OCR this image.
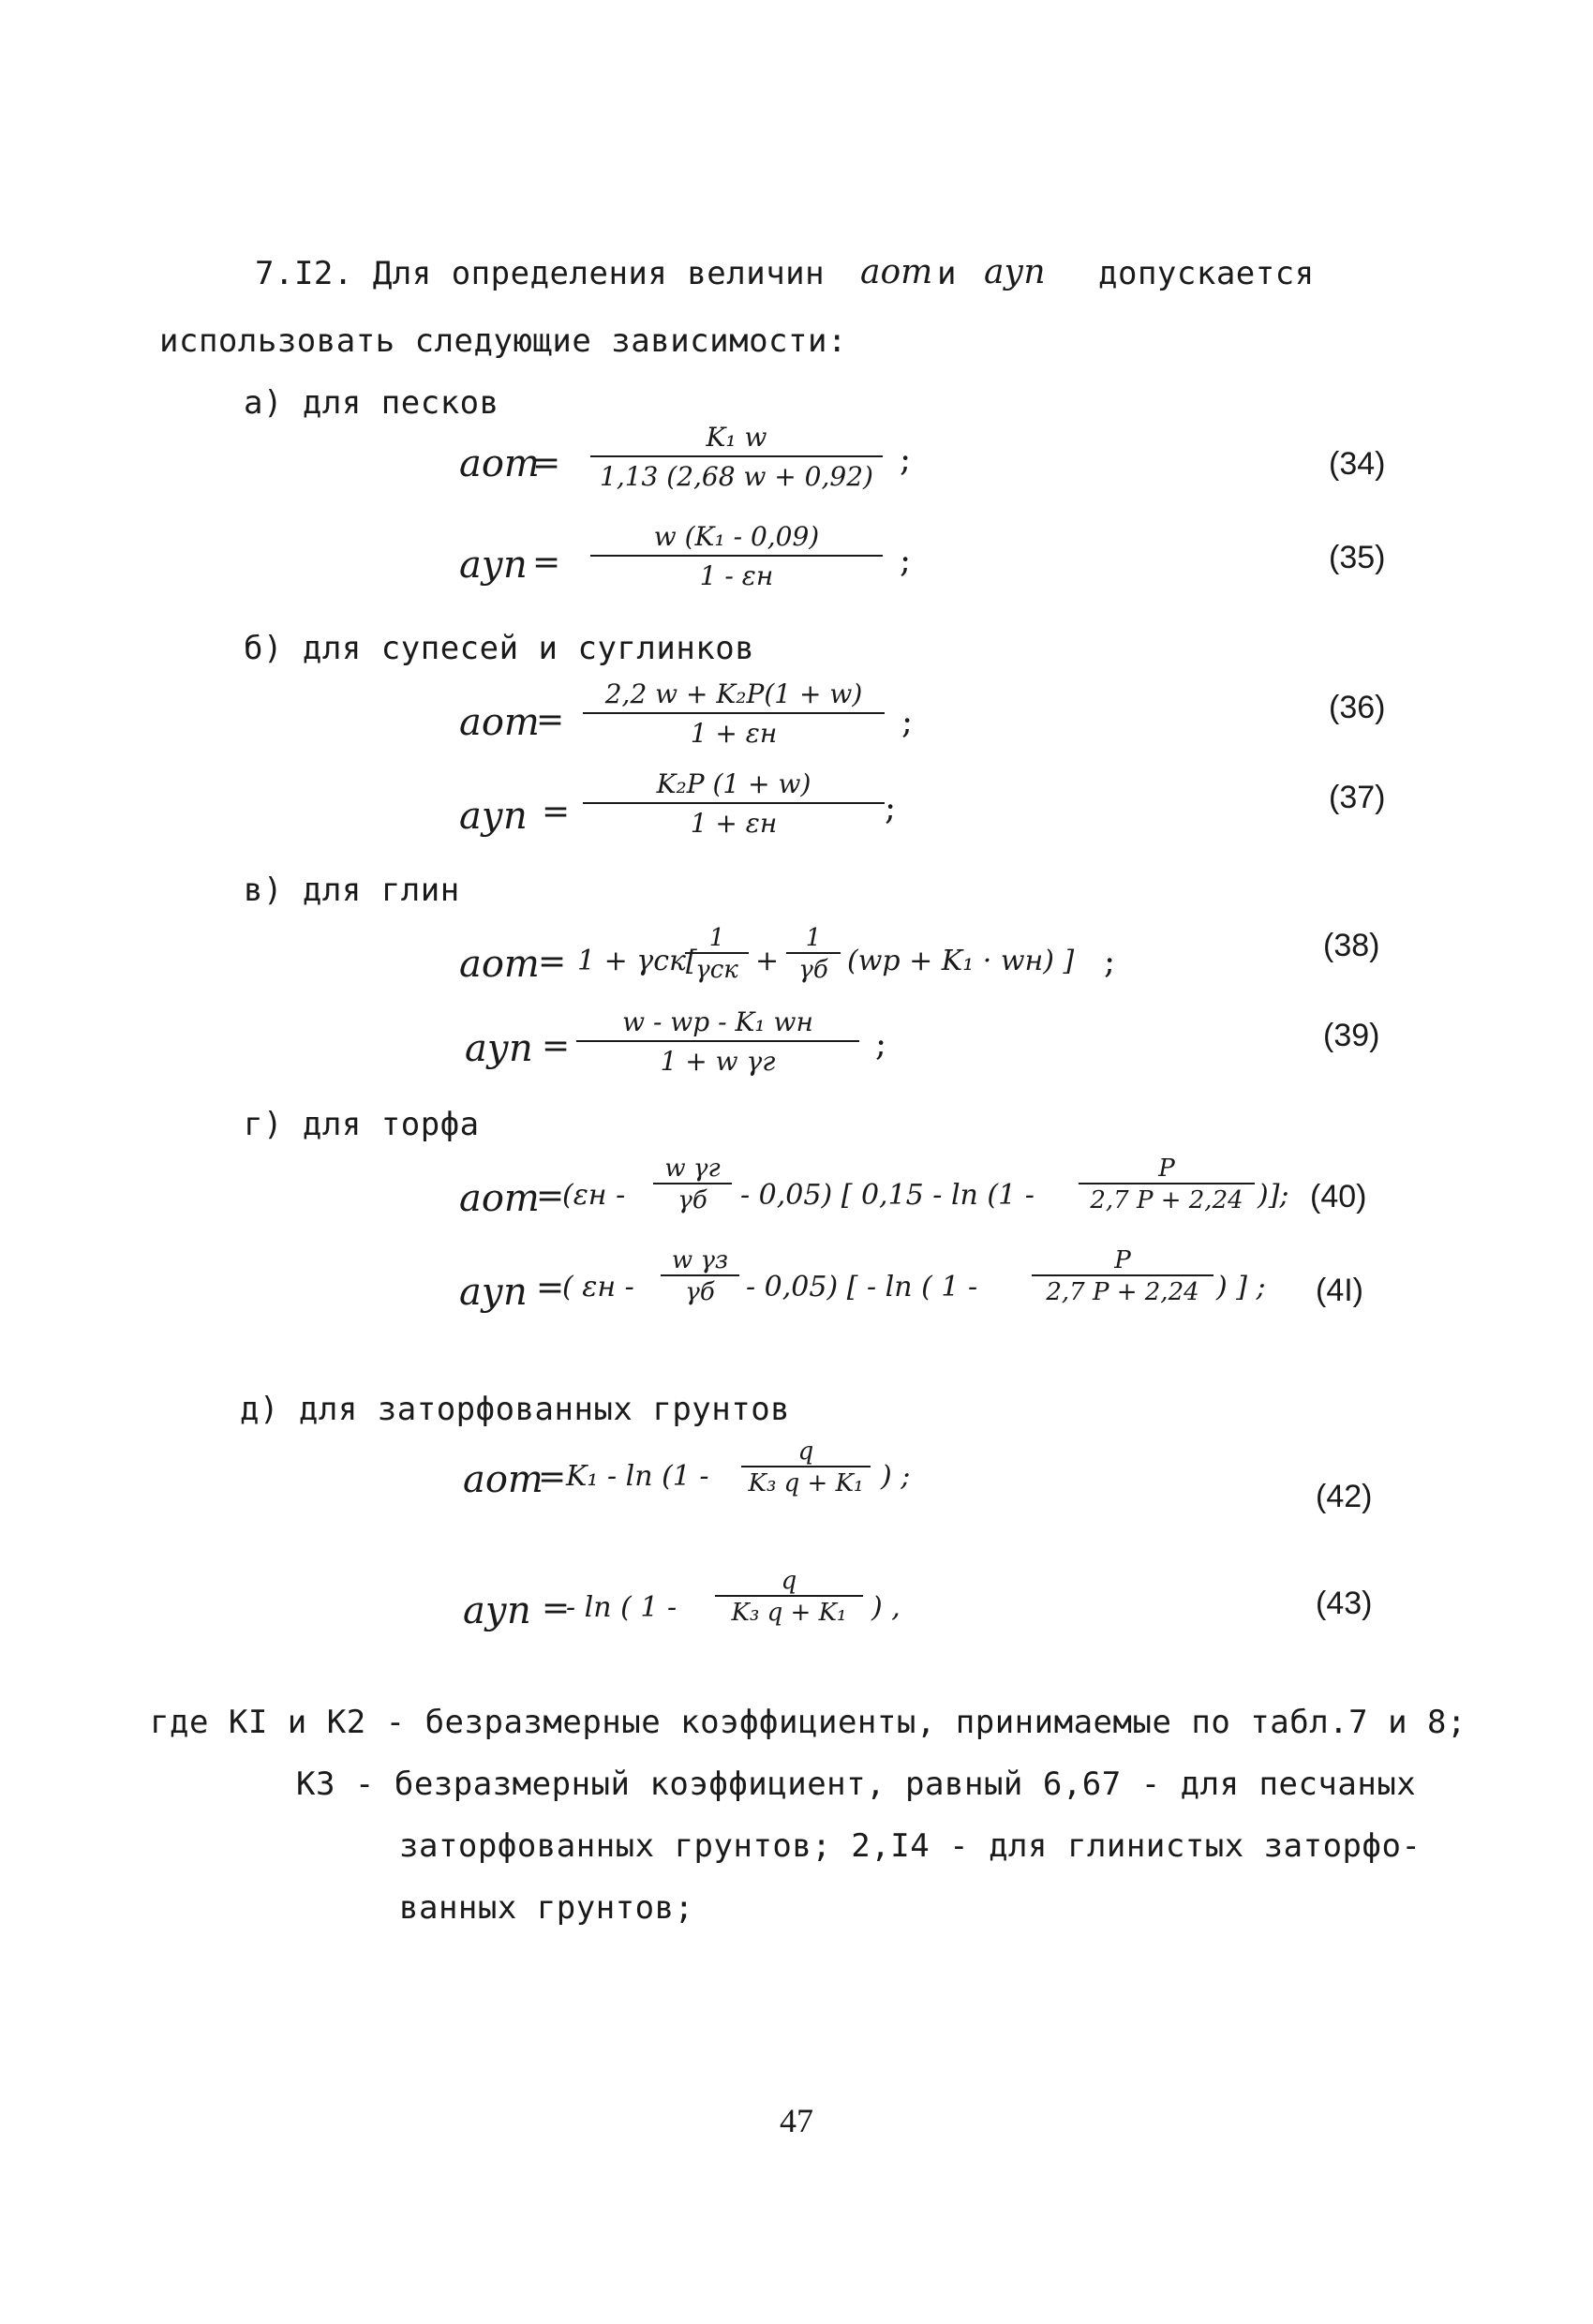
7.I2. Для определения величин aот и aуп допускается
использовать следующие зависимости:
а) для песков
aот
= $\frac{\text{K₁ w}}{1,13 (2,68 w + 0,92)}$ ;	(34)
aуп =
w (K₁ - 0,09)
1 - εн	;	(35)
б) для супесей и суглинков
aот
=
2,2 w + K₂P(1 + w)
1 + εн	;	(36)
aуп =
K₂P (1 + w)
1 + εн	;	(37)
в) для глин
aот
= 1 + γск[
1
γск +
1
γб (wp + K₁ · wн) ] ;	(38)
aуп =
w - wp - K₁ wн
1 + w γг	;	(39)
г) для торфа
aот
=
(εн -
w γг
γб	- 0,05) [ $0,15 - \ln (1 - \frac{P}{2,7 P + 2,24}$ )]; (40)
aуп =
( εн -
w γз
γб	- 0,05) [ - ln ( $1 - \frac{P}{2,7 P + 2,24}$ ) ] ; (4I)
д) для заторфованных грунтов
aот
= $K_1 - \ln (1 - \frac{q}{\text{K₃ q + K₁}}$ ) ;
(42)
aуп =
- ln ( $1 - \frac{q}{\text{K₃ q + K₁}}$ ) ,	(43)
где KI и K2 - безразмерные коэффициенты, принимаемые по табл.7 и 8;
K3 - безразмерный коэффициент, равный 6,67 - для песчаных
заторфованных грунтов; 2,I4 - для глинистых заторфо-
ванных грунтов;
47
